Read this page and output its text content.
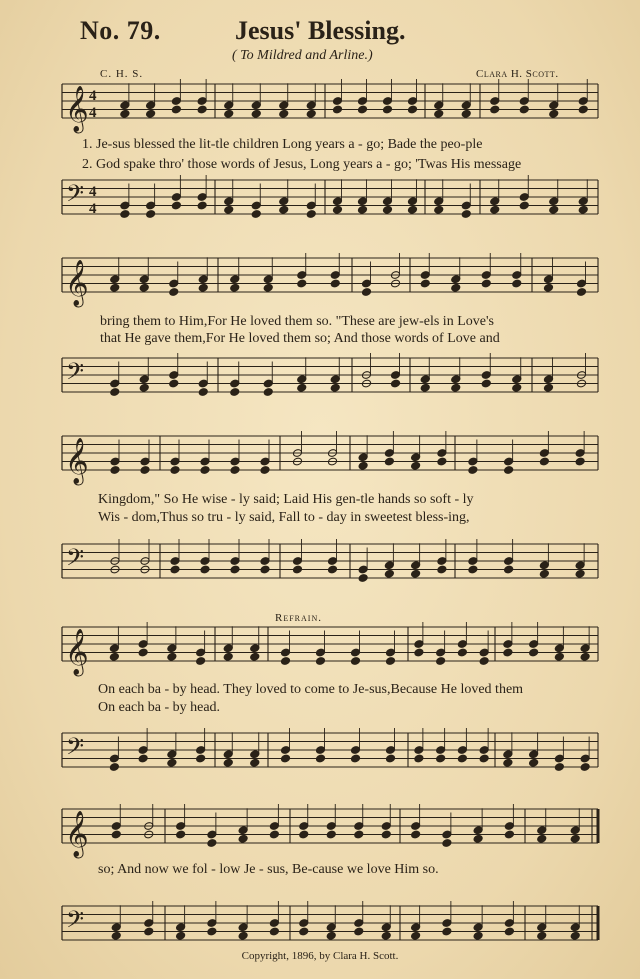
No. 79.	Jesus' Blessing.
( To Mildred and Arline.)
C. H. S.	Clara H. Scott.
𝄞 4
4
𝄢 4
4
𝄞
𝄢
𝄞
𝄢
𝄞
𝄢
𝄞
𝄢
1. Je-sus blessed the lit-tle children Long years a - go; Bade the peo-ple
2. God spake thro' those words of Jesus, Long years a - go; 'Twas His message
bring them to Him,For He loved them so. "These are jew-els in Love's
that He gave them,For He loved them so; And those words of Love and
Kingdom," So He wise - ly said; Laid His gen-tle hands so soft - ly
Wis - dom,Thus so tru - ly said, Fall to - day in sweetest bless-ing,
Refrain.
On each ba - by head. They loved to come to Je-sus,Because He loved them
On each ba - by head.
so; And now we fol - low Je - sus, Be-cause we love Him so.
Copyright, 1896, by Clara H. Scott.
